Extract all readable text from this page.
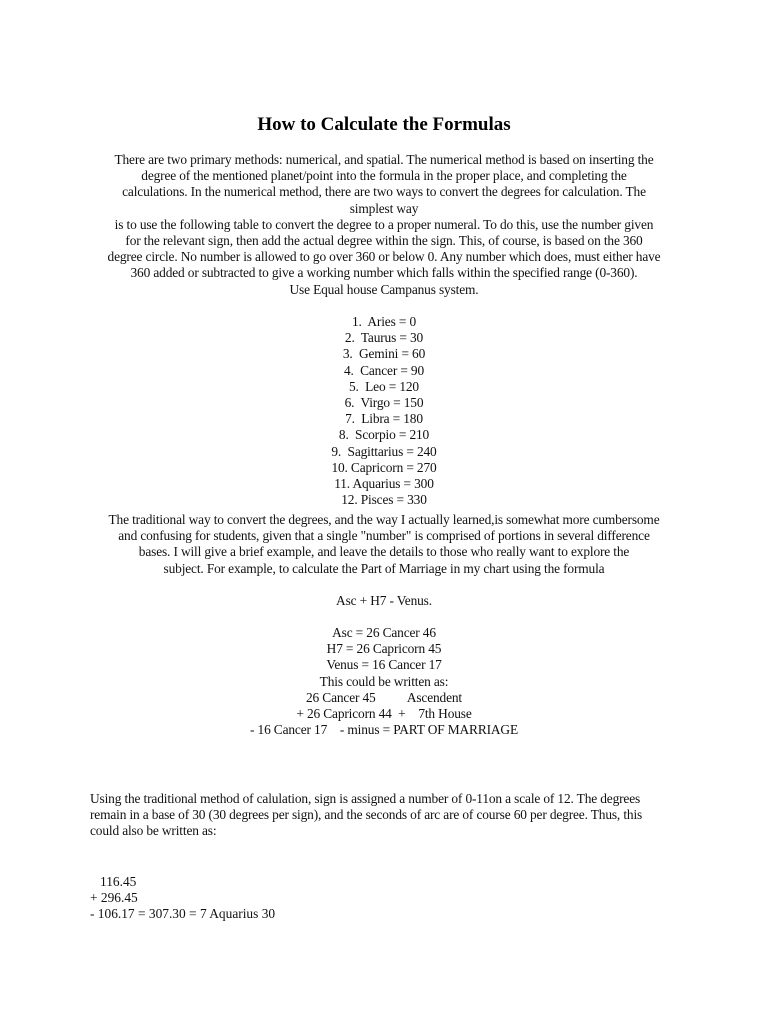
How to Calculate the Formulas
There are two primary methods: numerical, and spatial. The numerical method is based on inserting the
degree of the mentioned planet/point into the formula in the proper place, and completing the
calculations. In the numerical method, there are two ways to convert the degrees for calculation. The
simplest way
is to use the following table to convert the degree to a proper numeral. To do this, use the number given
for the relevant sign, then add the actual degree within the sign. This, of course, is based on the 360
degree circle. No number is allowed to go over 360 or below 0. Any number which does, must either have
360 added or subtracted to give a working number which falls within the specified range (0-360).
Use Equal house Campanus system.
1.  Aries = 0
2.  Taurus = 30
3.  Gemini = 60
4.  Cancer = 90
5.  Leo = 120
6.  Virgo = 150
7.  Libra = 180
8.  Scorpio = 210
9.  Sagittarius = 240
10. Capricorn = 270
11. Aquarius = 300
12. Pisces = 330
The traditional way to convert the degrees, and the way I actually learned,is somewhat more cumbersome
and confusing for students, given that a single "number" is comprised of portions in several difference
bases. I will give a brief example, and leave the details to those who really want to explore the
subject. For example, to calculate the Part of Marriage in my chart using the formula
Asc + H7 - Venus.
Asc = 26 Cancer 46
H7 = 26 Capricorn 45
Venus = 16 Cancer 17
This could be written as:
26 Cancer 45          Ascendent
+ 26 Capricorn 44  +    7th House
- 16 Cancer 17    - minus = PART OF MARRIAGE
Using the traditional method of calulation, sign is assigned a number of 0-11on a scale of 12. The degrees
remain in a base of 30 (30 degrees per sign), and the seconds of arc are of course 60 per degree. Thus, this
could also be written as:
116.45
+ 296.45
- 106.17 = 307.30 = 7 Aquarius 30
